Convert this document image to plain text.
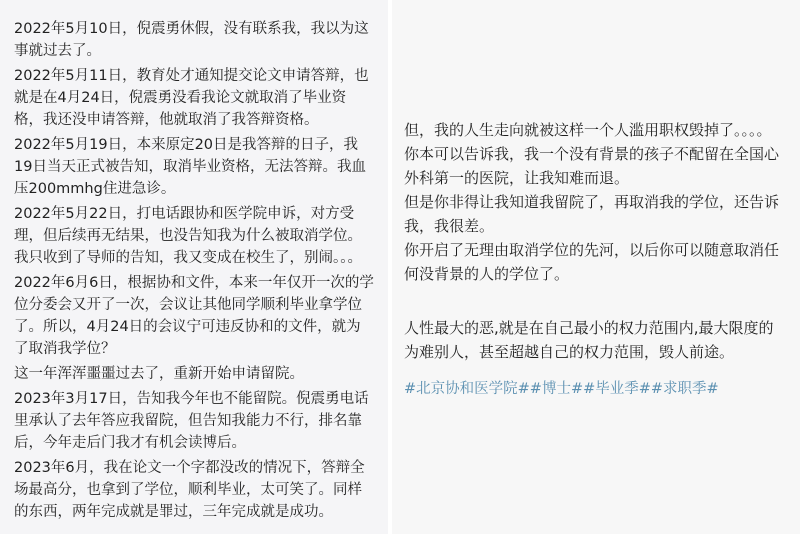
2022年5月10日，倪震勇休假，没有联系我，我以为这事就过去了。

2022年5月11日，教育处才通知提交论文申请答辩，也就是在4月24日，倪震勇没看我论文就取消了毕业资格，我还没申请答辩，他就取消了我答辩资格。

2022年5月19日，本来原定20日是我答辩的日子，我19日当天正式被告知，取消毕业资格，无法答辩。我血压200mmhg住进急诊。

2022年5月22日，打电话跟协和医学院申诉，对方受理，但后续再无结果，也没告知我为什么被取消学位。我只收到了导师的告知，我又变成在校生了，别闹。。。

2022年6月6日，根据协和文件，本来一年仅开一次的学位分委会又开了一次，会议让其他同学顺利毕业拿学位了。所以，4月24日的会议宁可违反协和的文件，就为了取消我学位？

这一年浑浑噩噩过去了，重新开始申请留院。

2023年3月17日，告知我今年也不能留院。倪震勇电话里承认了去年答应我留院，但告知我能力不行，排名靠后，今年走后门我才有机会读博后。

2023年6月，我在论文一个字都没改的情况下，答辩全场最高分，也拿到了学位，顺利毕业，太可笑了。同样的东西，两年完成就是罪过，三年完成就是成功。

但，我的人生走向就被这样一个人滥用职权毁掉了。。。。

你本可以告诉我，我一个没有背景的孩子不配留在全国心外科第一的医院，让我知难而退。

但是你非得让我知道我留院了，再取消我的学位，还告诉我，我很差。

你开启了无理由取消学位的先河，以后你可以随意取消任何没背景的人的学位了。

人性最大的恶,就是在自己最小的权力范围内,最大限度的为难别人，甚至超越自己的权力范围，毁人前途。

#北京协和医学院##博士##毕业季##求职季#
